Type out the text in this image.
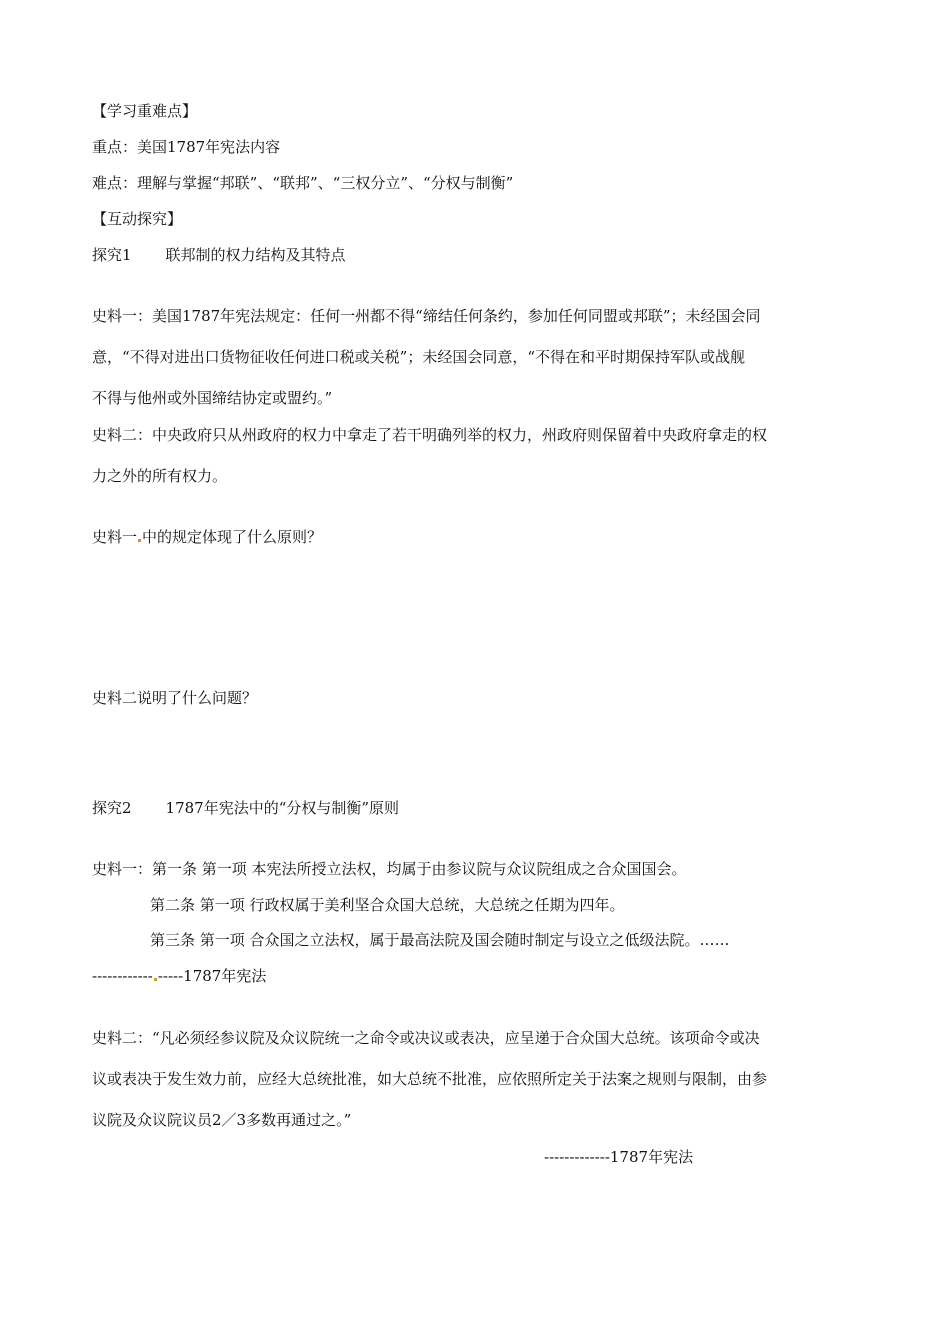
【学习重难点】
重点：美国1787年宪法内容
难点：理解与掌握“邦联”、“联邦”、“三权分立”、“分权与制衡”
【互动探究】
探究1 联邦制的权力结构及其特点
史料一：美国1787年宪法规定：任何一州都不得“缔结任何条约，参加任何同盟或邦联”；未经国会同
意，“不得对进出口货物征收任何进口税或关税”；未经国会同意，“不得在和平时期保持军队或战舰
不得与他州或外国缔结协定或盟约。”
史料二：中央政府只从州政府的权力中拿走了若干明确列举的权力，州政府则保留着中央政府拿走的权
力之外的所有权力。
史料一 中的规定体现了什么原则？
史料二说明了什么问题？
探究2 1787年宪法中的“分权与制衡”原则
史料一：第一条 第一项 本宪法所授立法权，均属于由参议院与众议院组成之合众国国会。
第二条 第一项 行政权属于美利坚合众国大总统，大总统之任期为四年。
第三条 第一项 合众国之立法权，属于最高法院及国会随时制定与设立之低级法院。……
------------ -----1787年宪法
史料二：“凡必须经参议院及众议院统一之命令或决议或表决，应呈递于合众国大总统。该项命令或决
议或表决于发生效力前，应经大总统批准，如大总统不批准，应依照所定关于法案之规则与限制，由参
议院及众议院议员2／3多数再通过之。”
-------------1787年宪法
